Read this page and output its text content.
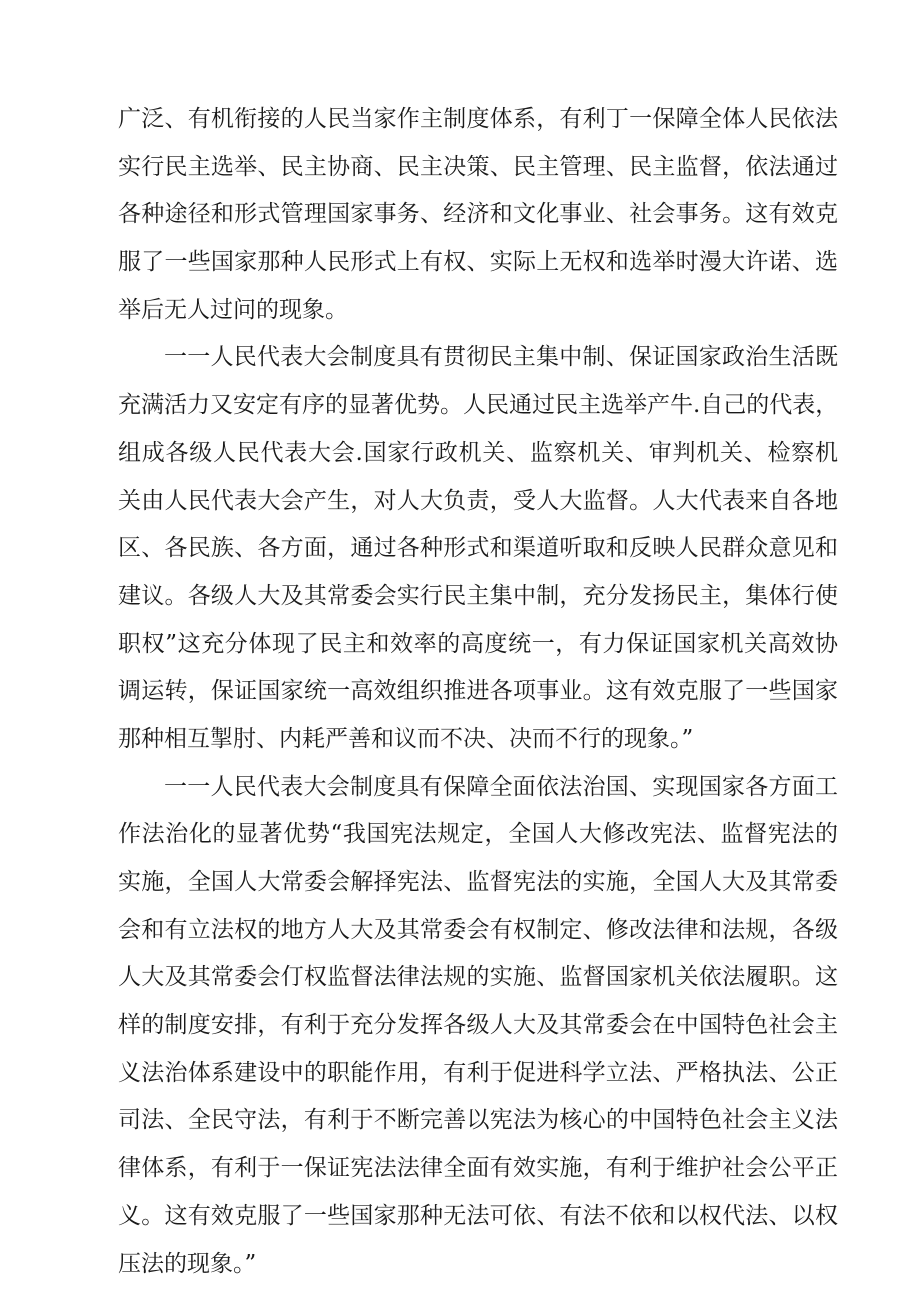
广泛、有机衔接的人民当家作主制度体系，有利丁一保障全体人民依法
实行民主选举、民主协商、民主决策、民主管理、民主监督，依法通过
各种途径和形式管理国家事务、经济和文化事业、社会事务。这有效克
服了一些国家那种人民形式上有权、实际上无权和选举时漫大许诺、选
举后无人过问的现象。
一一人民代表大会制度具有贯彻民主集中制、保证国家政治生活既
充满活力又安定有序的显著优势。人民通过民主选举产牛.自己的代表，
组成各级人民代表大会.国家行政机关、监察机关、审判机关、检察机
关由人民代表大会产生，对人大负责，受人大监督。人大代表来自各地
区、各民族、各方面，通过各种形式和渠道听取和反映人民群众意见和
建议。各级人大及其常委会实行民主集中制，充分发扬民主，集体行使
职权”这充分体现了民主和效率的高度统一，有力保证国家机关高效协
调运转，保证国家统一高效组织推进各项事业。这有效克服了一些国家
那种相互掣肘、内耗严善和议而不决、决而不行的现象。”
一一人民代表大会制度具有保障全面依法治国、实现国家各方面工
作法治化的显著优势“我国宪法规定，全国人大修改宪法、监督宪法的
实施，全国人大常委会解择宪法、监督宪法的实施，全国人大及其常委
会和有立法权的地方人大及其常委会有权制定、修改法律和法规，各级
人大及其常委会仃权监督法律法规的实施、监督国家机关依法履职。这
样的制度安排，有利于充分发挥各级人大及其常委会在中国特色社会主
义法治体系建设中的职能作用，有利于促进科学立法、严格执法、公正
司法、全民守法，有利于不断完善以宪法为核心的中国特色社会主义法
律体系，有利于一保证宪法法律全面有效实施，有利于维护社会公平正
义。这有效克服了一些国家那种无法可依、有法不依和以权代法、以权
压法的现象。”
